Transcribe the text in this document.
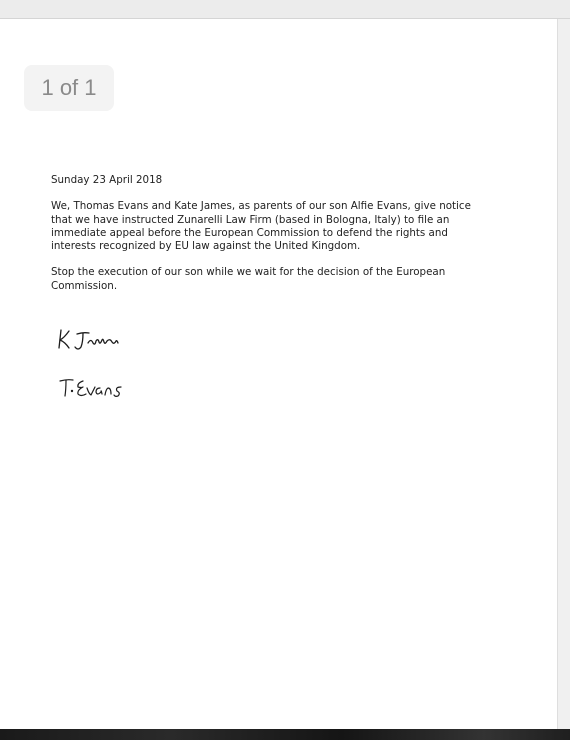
1 of 1
Sunday 23 April 2018

We, Thomas Evans and Kate James, as parents of our son Alfie Evans, give notice
that we have instructed Zunarelli Law Firm (based in Bologna, Italy) to file an
immediate appeal before the European Commission to defend the rights and
interests recognized by EU law against the United Kingdom.

Stop the execution of our son while we wait for the decision of the European
Commission.
